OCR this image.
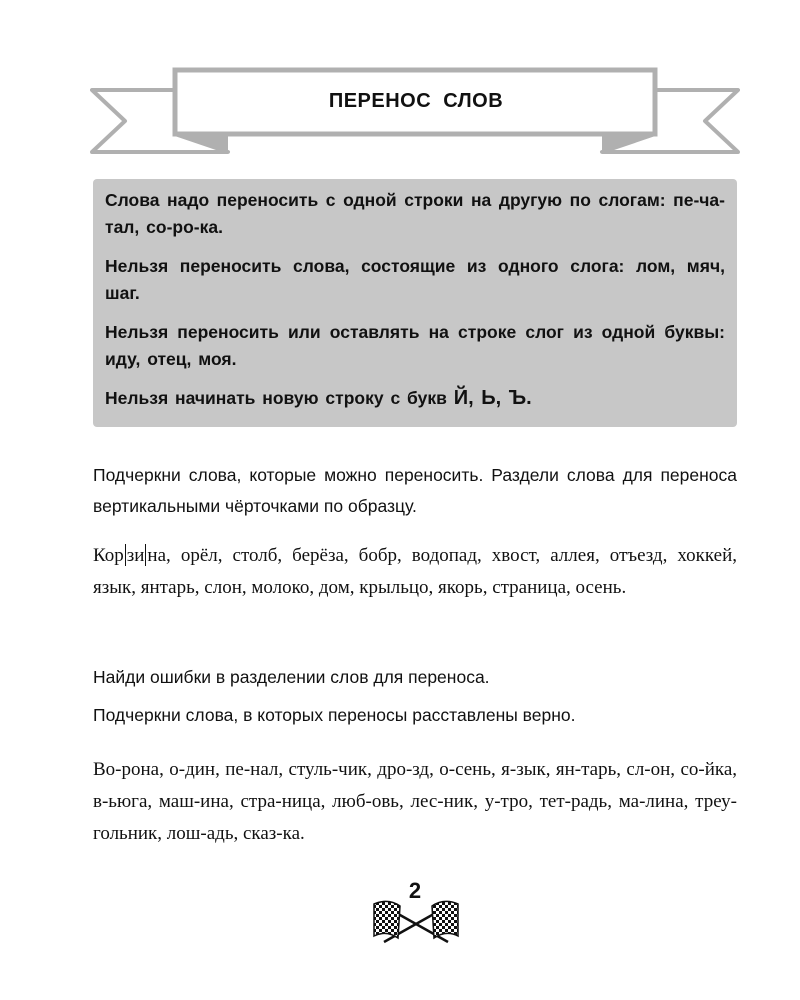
ПЕРЕНОС СЛОВ

Слова надо переносить с одной строки на другую по слогам: пе-ча-тал, со-ро-ка.

Нельзя переносить слова, состоящие из одного слога: лом, мяч, шаг.

Нельзя переносить или оставлять на строке слог из одной буквы: иду, отец, моя.

Нельзя начинать новую строку с букв Й, Ь, Ъ.

Подчеркни слова, которые можно переносить. Раздели слова для переноса вертикальными чёрточками по образцу.

Кор зи на, орёл, столб, берёза, бобр, водопад, хвост, аллея, отъезд, хоккей, язык, янтарь, слон, молоко, дом, крыльцо, якорь, страница, осень.

Найди ошибки в разделении слов для переноса.

Подчеркни слова, в которых переносы расставлены верно.

Во-рона, о-дин, пе-нал, стуль-чик, дро-зд, о-сень, я-зык, ян-тарь, сл-он, со-йка, в-ьюга, маш-ина, стра-ница, люб-овь, лес-ник, у-тро, тет-радь, ма-лина, треу-гольник, лош-адь, сказ-ка.

2
